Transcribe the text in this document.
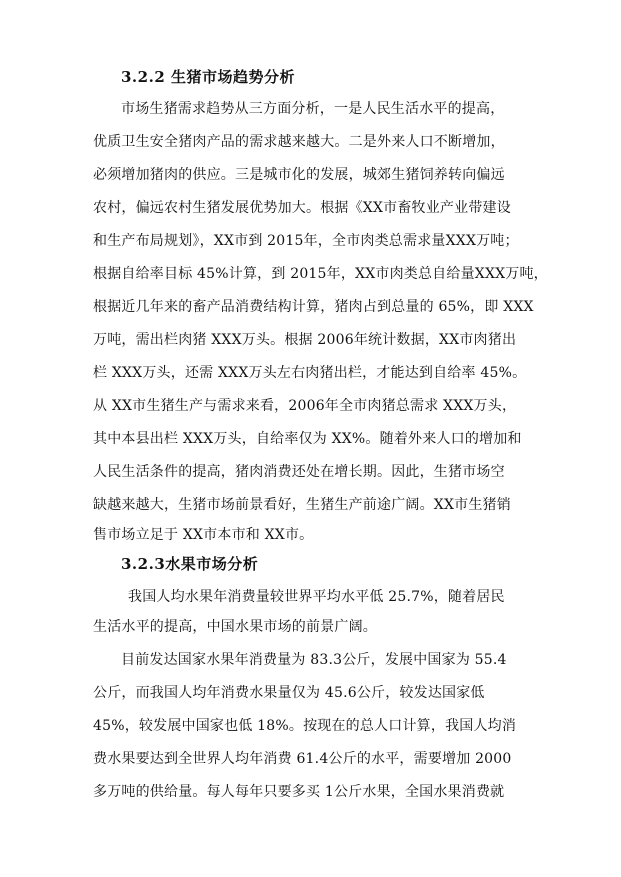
3.2.2 生猪市场趋势分析
市场生猪需求趋势从三方面分析，一是人民生活水平的提高，
优质卫生安全猪肉产品的需求越来越大。二是外来人口不断增加，
必须增加猪肉的供应。三是城市化的发展，城郊生猪饲养转向偏远
农村，偏远农村生猪发展优势加大。根据《XX市畜牧业产业带建设
和生产布局规划》，XX市到 2015年，全市肉类总需求量XXX万吨；
根据自给率目标 45%计算，到 2015年，XX市肉类总自给量XXX万吨，
根据近几年来的畜产品消费结构计算，猪肉占到总量的 65%，即 XXX
万吨，需出栏肉猪 XXX万头。根据 2006年统计数据，XX市肉猪出
栏 XXX万头，还需 XXX万头左右肉猪出栏，才能达到自给率 45%。
从 XX市生猪生产与需求来看，2006年全市肉猪总需求 XXX万头，
其中本县出栏 XXX万头，自给率仅为 XX%。随着外来人口的增加和
人民生活条件的提高，猪肉消费还处在增长期。因此，生猪市场空
缺越来越大，生猪市场前景看好，生猪生产前途广阔。XX市生猪销
售市场立足于 XX市本市和 XX市。
3.2.3水果市场分析
我国人均水果年消费量较世界平均水平低 25.7%，随着居民
生活水平的提高，中国水果市场的前景广阔。
目前发达国家水果年消费量为 83.3公斤，发展中国家为 55.4
公斤，而我国人均年消费水果量仅为 45.6公斤，较发达国家低
45%，较发展中国家也低 18%。按现在的总人口计算，我国人均消
费水果要达到全世界人均年消费 61.4公斤的水平，需要增加 2000
多万吨的供给量。每人每年只要多买 1公斤水果，全国水果消费就
